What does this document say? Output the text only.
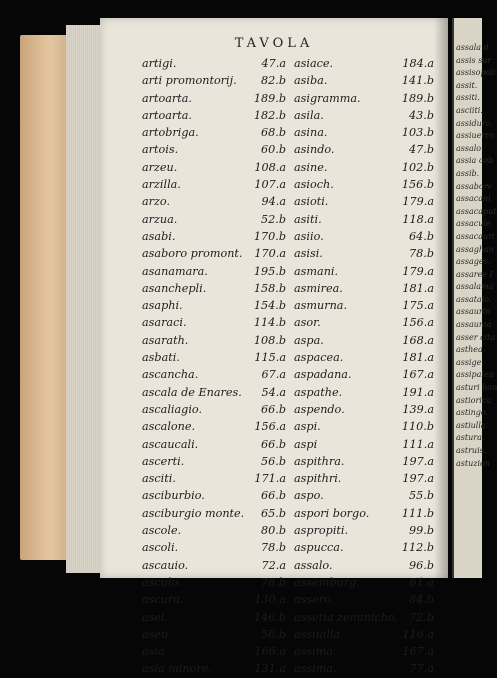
TAVOLA
artigi.	47.a
arti promontorij. 82.b
artoarta.	189.b
artoarta.	182.b
artobriga.	68.b
artois.	60.b
arzeu.	108.a
arzilla.	107.a
arzo.	94.a
arzua.	52.b
asabi.	170.b
asaboro promont. 170.a
asanamara.	195.b
asanchepli.	158.b
asaphi.	154.b
asaraci.	114.b
asarath.	108.b
asbati.	115.a
ascancha.	67.a
ascala de Enares. 54.a
ascaliagio.	66.b
ascalone.	156.a
ascaucali.	66.b
ascerti.	56.b
asciti.	171.a
asciburbio.	66.b
asciburgio monte. 65.b
ascole.	80.b
ascoli.	78.b
ascauio.	72.a
asculo.	78.b
ascura.	130.a
asei.	146.b
aseu.	56.b
asia.	166.a
asia minore.	131.a
asiace.	184.a
asiba.	141.b
asigramma.	189.b
asila.	43.b
asina.	103.b
asindo.	47.b
asine.	102.b
asioch.	156.b
asioti.	179.a
asiti.	118.a
asiio.	64.b
asisi.	78.b
asmani.	179.a
asmirea.	181.a
asmurna.	175.a
asor.	156.a
aspa.	168.a
aspacea.	181.a
aspadana.	167.a
aspathe.	191.a
aspendo.	139.a
aspi.	110.b
aspi	111.a
aspithra.	197.a
aspithri.	197.a
aspo.	55.b
aspori borgo.	111.b
aspropiti.	99.b
aspucca.	112.b
assalo.	96.b
assemburg.	61.a
assero.	84.b
assetia zeminicho. 72.b
assiuilla.	116.a
assima.	167.a
assima.	77.a
assala d
assis sur
assisopoli
assit.
assiti.
asciiti.
assiduro.
assiuerro.
assalo.
assia cob
assib.
assabore
assacani
assacaput
assacule.
assacauri
assaghan
assages.
assaree I
assalama
assataio.
assaurin
assaunia
asser cita
asthea.
assige.
assipalea
asturi bon
astiorica
astingo.
astiulla.
astura.
astruis.
astuzion
